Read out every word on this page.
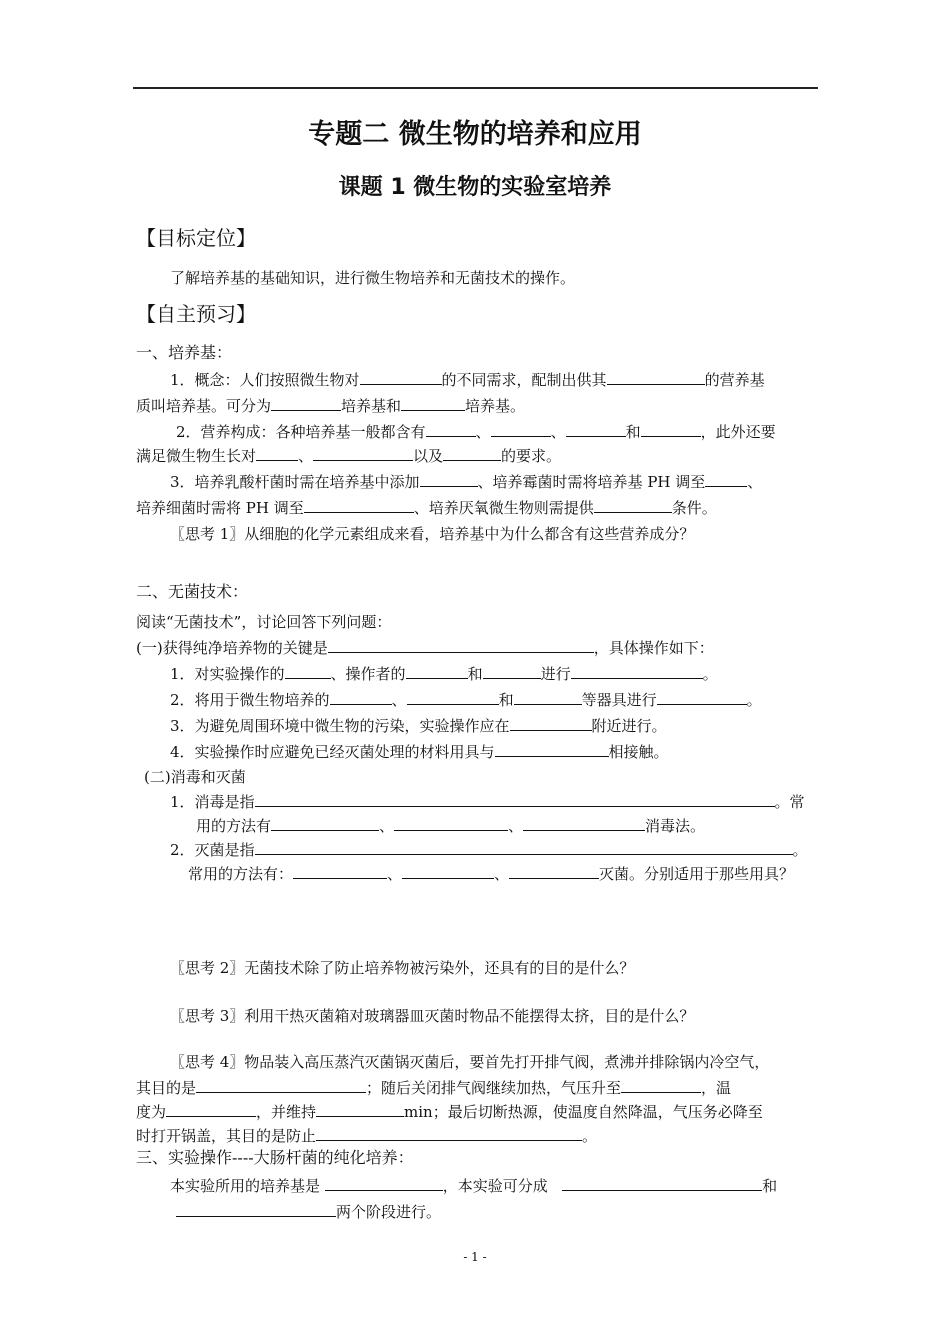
专题二 微生物的培养和应用
课题 1 微生物的实验室培养
【目标定位】
了解培养基的基础知识，进行微生物培养和无菌技术的操作。
【自主预习】
一、培养基：
1．概念：人们按照微生物对	的不同需求，配制出供其	的营养基
质叫培养基。可分为	培养基和	培养基。
2．营养构成：各种培养基一般都含有	、	、	和	，此外还要
满足微生物生长对	、	以及	的要求。
3．培养乳酸杆菌时需在培养基中添加	、培养霉菌时需将培养基 PH 调至	、
培养细菌时需将 PH 调至	、培养厌氧微生物则需提供	条件。
〖思考 1〗从细胞的化学元素组成来看，培养基中为什么都含有这些营养成分？
二、无菌技术：
阅读“无菌技术”，讨论回答下列问题：
(一)获得纯净培养物的关键是	，具体操作如下：
1．对实验操作的	、操作者的	和	进行	。
2．将用于微生物培养的	、	和	等器具进行	。
3．为避免周围环境中微生物的污染，实验操作应在	附近进行。
4．实验操作时应避免已经灭菌处理的材料用具与	相接触。
(二)消毒和灭菌
1．消毒是指	。常
用的方法有	、	、	消毒法。
2．灭菌是指	。
常用的方法有：	、	、	灭菌。分别适用于那些用具？
〖思考 2〗无菌技术除了防止培养物被污染外，还具有的目的是什么？
〖思考 3〗利用干热灭菌箱对玻璃器皿灭菌时物品不能摆得太挤，目的是什么？
〖思考 4〗物品装入高压蒸汽灭菌锅灭菌后，要首先打开排气阀，煮沸并排除锅内冷空气，
其目的是	；随后关闭排气阀继续加热，气压升至	，温
度为	，并维持	min；最后切断热源，使温度自然降温，气压务必降至
时打开锅盖，其目的是防止	。
三、实验操作----大肠杆菌的纯化培养：
本实验所用的培养基是	，本实验可分成	和
两个阶段进行。
- 1 -
